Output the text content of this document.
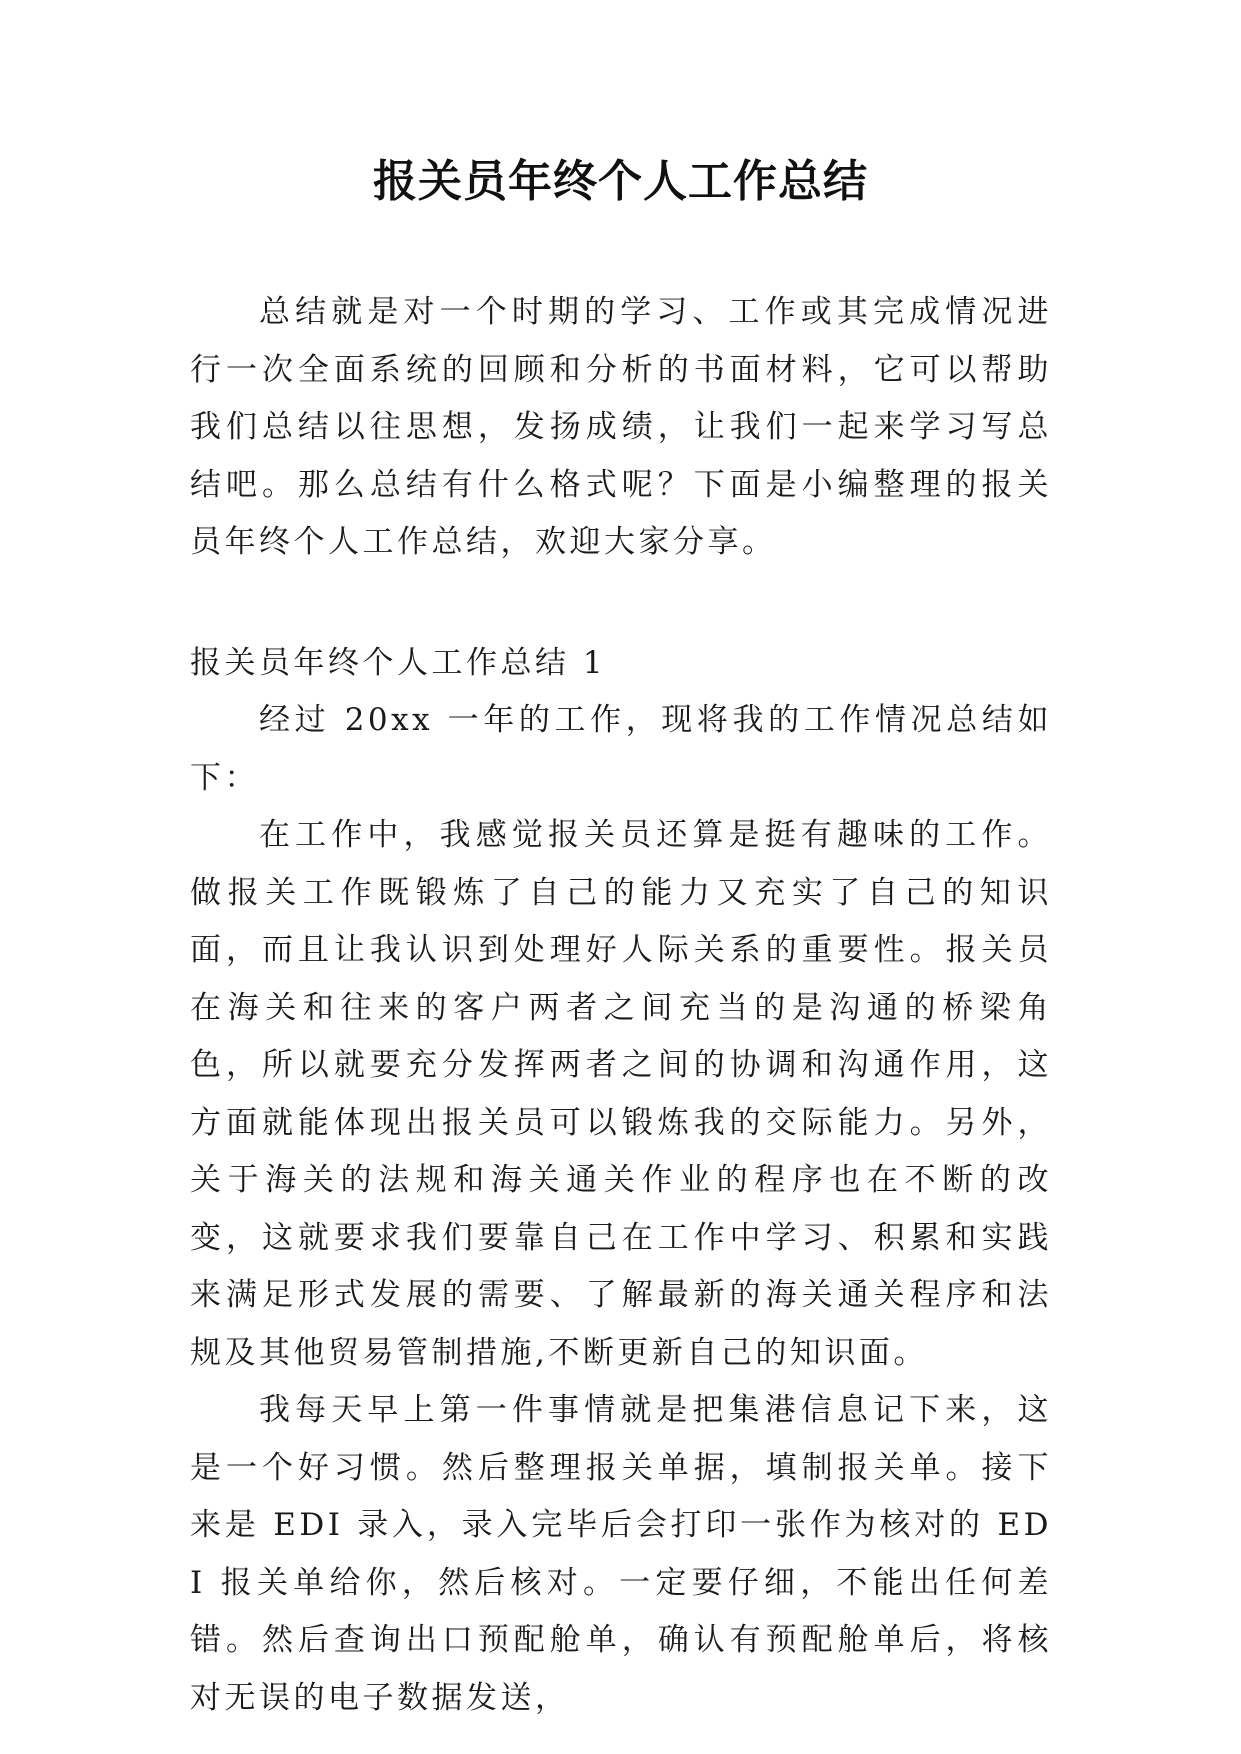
报关员年终个人工作总结

总结就是对一个时期的学习、工作或其完成情况进行一次全面系统的回顾和分析的书面材料，它可以帮助我们总结以往思想，发扬成绩，让我们一起来学习写总结吧。那么总结有什么格式呢？下面是小编整理的报关员年终个人工作总结，欢迎大家分享。

报关员年终个人工作总结 1

经过 20xx 一年的工作，现将我的工作情况总结如下：

在工作中，我感觉报关员还算是挺有趣味的工作。做报关工作既锻炼了自己的能力又充实了自己的知识面，而且让我认识到处理好人际关系的重要性。报关员在海关和往来的客户两者之间充当的是沟通的桥梁角色，所以就要充分发挥两者之间的协调和沟通作用，这方面就能体现出报关员可以锻炼我的交际能力。另外，关于海关的法规和海关通关作业的程序也在不断的改变，这就要求我们要靠自己在工作中学习、积累和实践来满足形式发展的需要、了解最新的海关通关程序和法规及其他贸易管制措施,不断更新自己的知识面。

我每天早上第一件事情就是把集港信息记下来，这是一个好习惯。然后整理报关单据，填制报关单。接下来是 EDI 录入，录入完毕后会打印一张作为核对的 EDI 报关单给你，然后核对。一定要仔细，不能出任何差错。然后查询出口预配舱单，确认有预配舱单后，将核对无误的电子数据发送，
